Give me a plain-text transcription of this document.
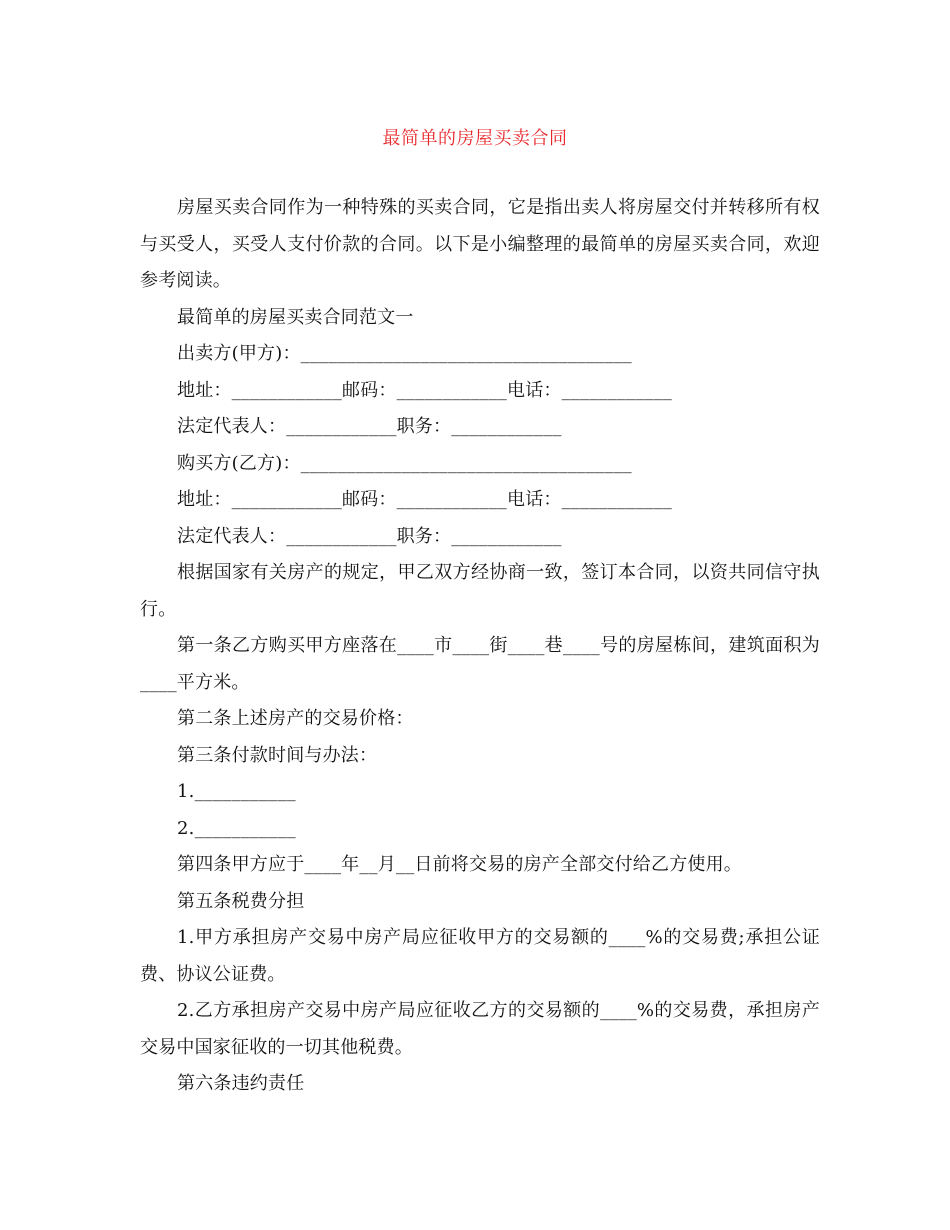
最简单的房屋买卖合同

房屋买卖合同作为一种特殊的买卖合同，它是指出卖人将房屋交付并转移所有权与买受人，买受人支付价款的合同。以下是小编整理的最简单的房屋买卖合同，欢迎参考阅读。

最简单的房屋买卖合同范文一

出卖方(甲方)：____________________________________

地址：____________邮码：____________电话：____________

法定代表人：____________职务：____________

购买方(乙方)：____________________________________

地址：____________邮码：____________电话：____________

法定代表人：____________职务：____________

根据国家有关房产的规定，甲乙双方经协商一致，签订本合同，以资共同信守执行。

第一条乙方购买甲方座落在____市____街____巷____号的房屋栋间，建筑面积为____平方米。

第二条上述房产的交易价格：

第三条付款时间与办法：

1.___________

2.___________

第四条甲方应于____年__月__日前将交易的房产全部交付给乙方使用。

第五条税费分担

1.甲方承担房产交易中房产局应征收甲方的交易额的____%的交易费;承担公证费、协议公证费。

2.乙方承担房产交易中房产局应征收乙方的交易额的____%的交易费，承担房产交易中国家征收的一切其他税费。

第六条违约责任
